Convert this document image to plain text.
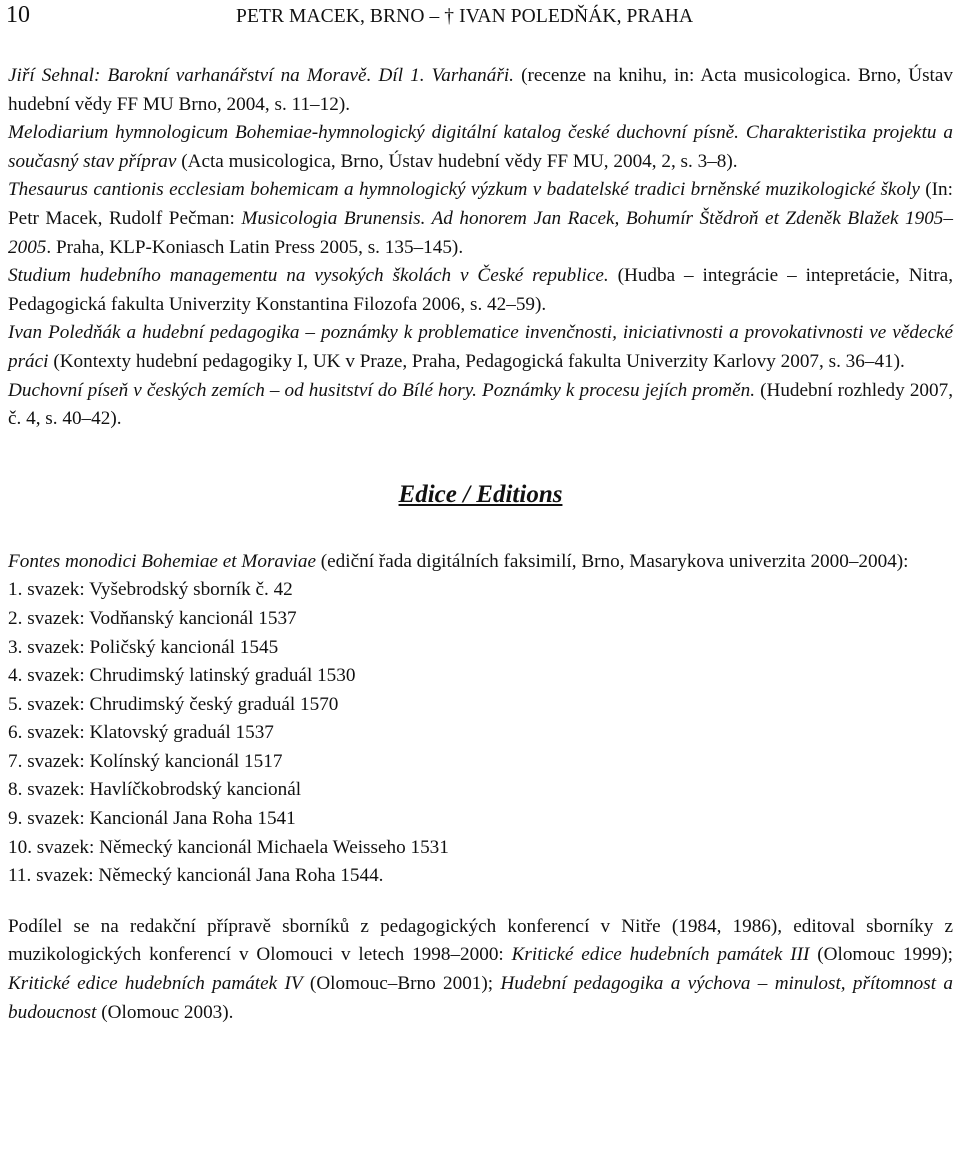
10	PETR MACEK, BRNO – † IVAN POLEDŇÁK, PRAHA

Jiří Sehnal: Barokní varhanářství na Moravě. Díl 1. Varhanáři. (recenze na knihu, in: Acta musicologica. Brno, Ústav hudební vědy FF MU Brno, 2004, s. 11–12).

Melodiarium hymnologicum Bohemiae-hymnologický digitální katalog české duchovní písně. Charakteristika projektu a současný stav příprav (Acta musicologica, Brno, Ústav hudební vědy FF MU, 2004, 2, s. 3–8).

Thesaurus cantionis ecclesiam bohemicam a hymnologický výzkum v badatelské tradici brněnské muzikologické školy (In: Petr Macek, Rudolf Pečman: Musicologia Brunensis. Ad honorem Jan Racek, Bohumír Štědroň et Zdeněk Blažek 1905–2005. Praha, KLP-Koniasch Latin Press 2005, s. 135–145).

Studium hudebního managementu na vysokých školách v České republice. (Hudba – integrácie – intepretácie, Nitra, Pedagogická fakulta Univerzity Konstantina Filozofa 2006, s. 42–59).

Ivan Poledňák a hudební pedagogika – poznámky k problematice invenčnosti, iniciativnosti a provokativnosti ve vědecké práci (Kontexty hudební pedagogiky I, UK v Praze, Praha, Pedagogická fakulta Univerzity Karlovy 2007, s. 36–41).

Duchovní píseň v českých zemích – od husitství do Bílé hory. Poznámky k procesu jejích proměn. (Hudební rozhledy 2007, č. 4, s. 40–42).

Edice / Editions

Fontes monodici Bohemiae et Moraviae (ediční řada digitálních faksimilí, Brno, Masarykova univerzita 2000–2004):

1. svazek: Vyšebrodský sborník č. 42
2. svazek: Vodňanský kancionál 1537
3. svazek: Poličský kancionál 1545
4. svazek: Chrudimský latinský graduál 1530
5. svazek: Chrudimský český graduál 1570
6. svazek: Klatovský graduál 1537
7. svazek: Kolínský kancionál 1517
8. svazek: Havlíčkobrodský kancionál
9. svazek: Kancionál Jana Roha 1541
10. svazek: Německý kancionál Michaela Weisseho 1531
11. svazek: Německý kancionál Jana Roha 1544.

Podílel se na redakční přípravě sborníků z pedagogických konferencí v Nitře (1984, 1986), editoval sborníky z muzikologických konferencí v Olomouci v letech 1998–2000: Kritické edice hudebních památek III (Olomouc 1999); Kritické edice hudebních památek IV (Olomouc–Brno 2001); Hudební pedagogika a výchova – minulost, přítomnost a budoucnost (Olomouc 2003).
